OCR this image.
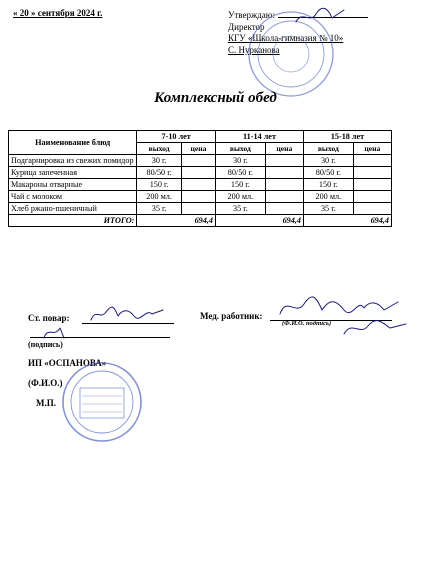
« 20 » сентября 2024 г.	Утверждаю:
Директор
КГУ «Школа-гимназия № 10»
С. Нурканова
Комплексный обед
Наименование блюд	7-10 лет		11-14 лет		15-18 лет	
	выход	цена	выход	цена	выход	цена
Подгарнировка из свежих помидор	30 г.		30 г.		30 г.	
Курица запеченная	80/50 г.		80/50 г.		80/50 г.	
Макароны отварные	150 г.		150 г.		150 г.	
Чай с молоком	200 мл.		200 мл.		200 мл.	
Хлеб ржано-пшеничный	35 г.		35 г.		35 г.	
ИТОГО:	694,4		694,4		694,4	
Ст. повар:	Мед. работник:
(Ф.И.О. подпись)
(подпись)
ИП «ОСПАНОВА»
(Ф.И.О.)
М.П.
